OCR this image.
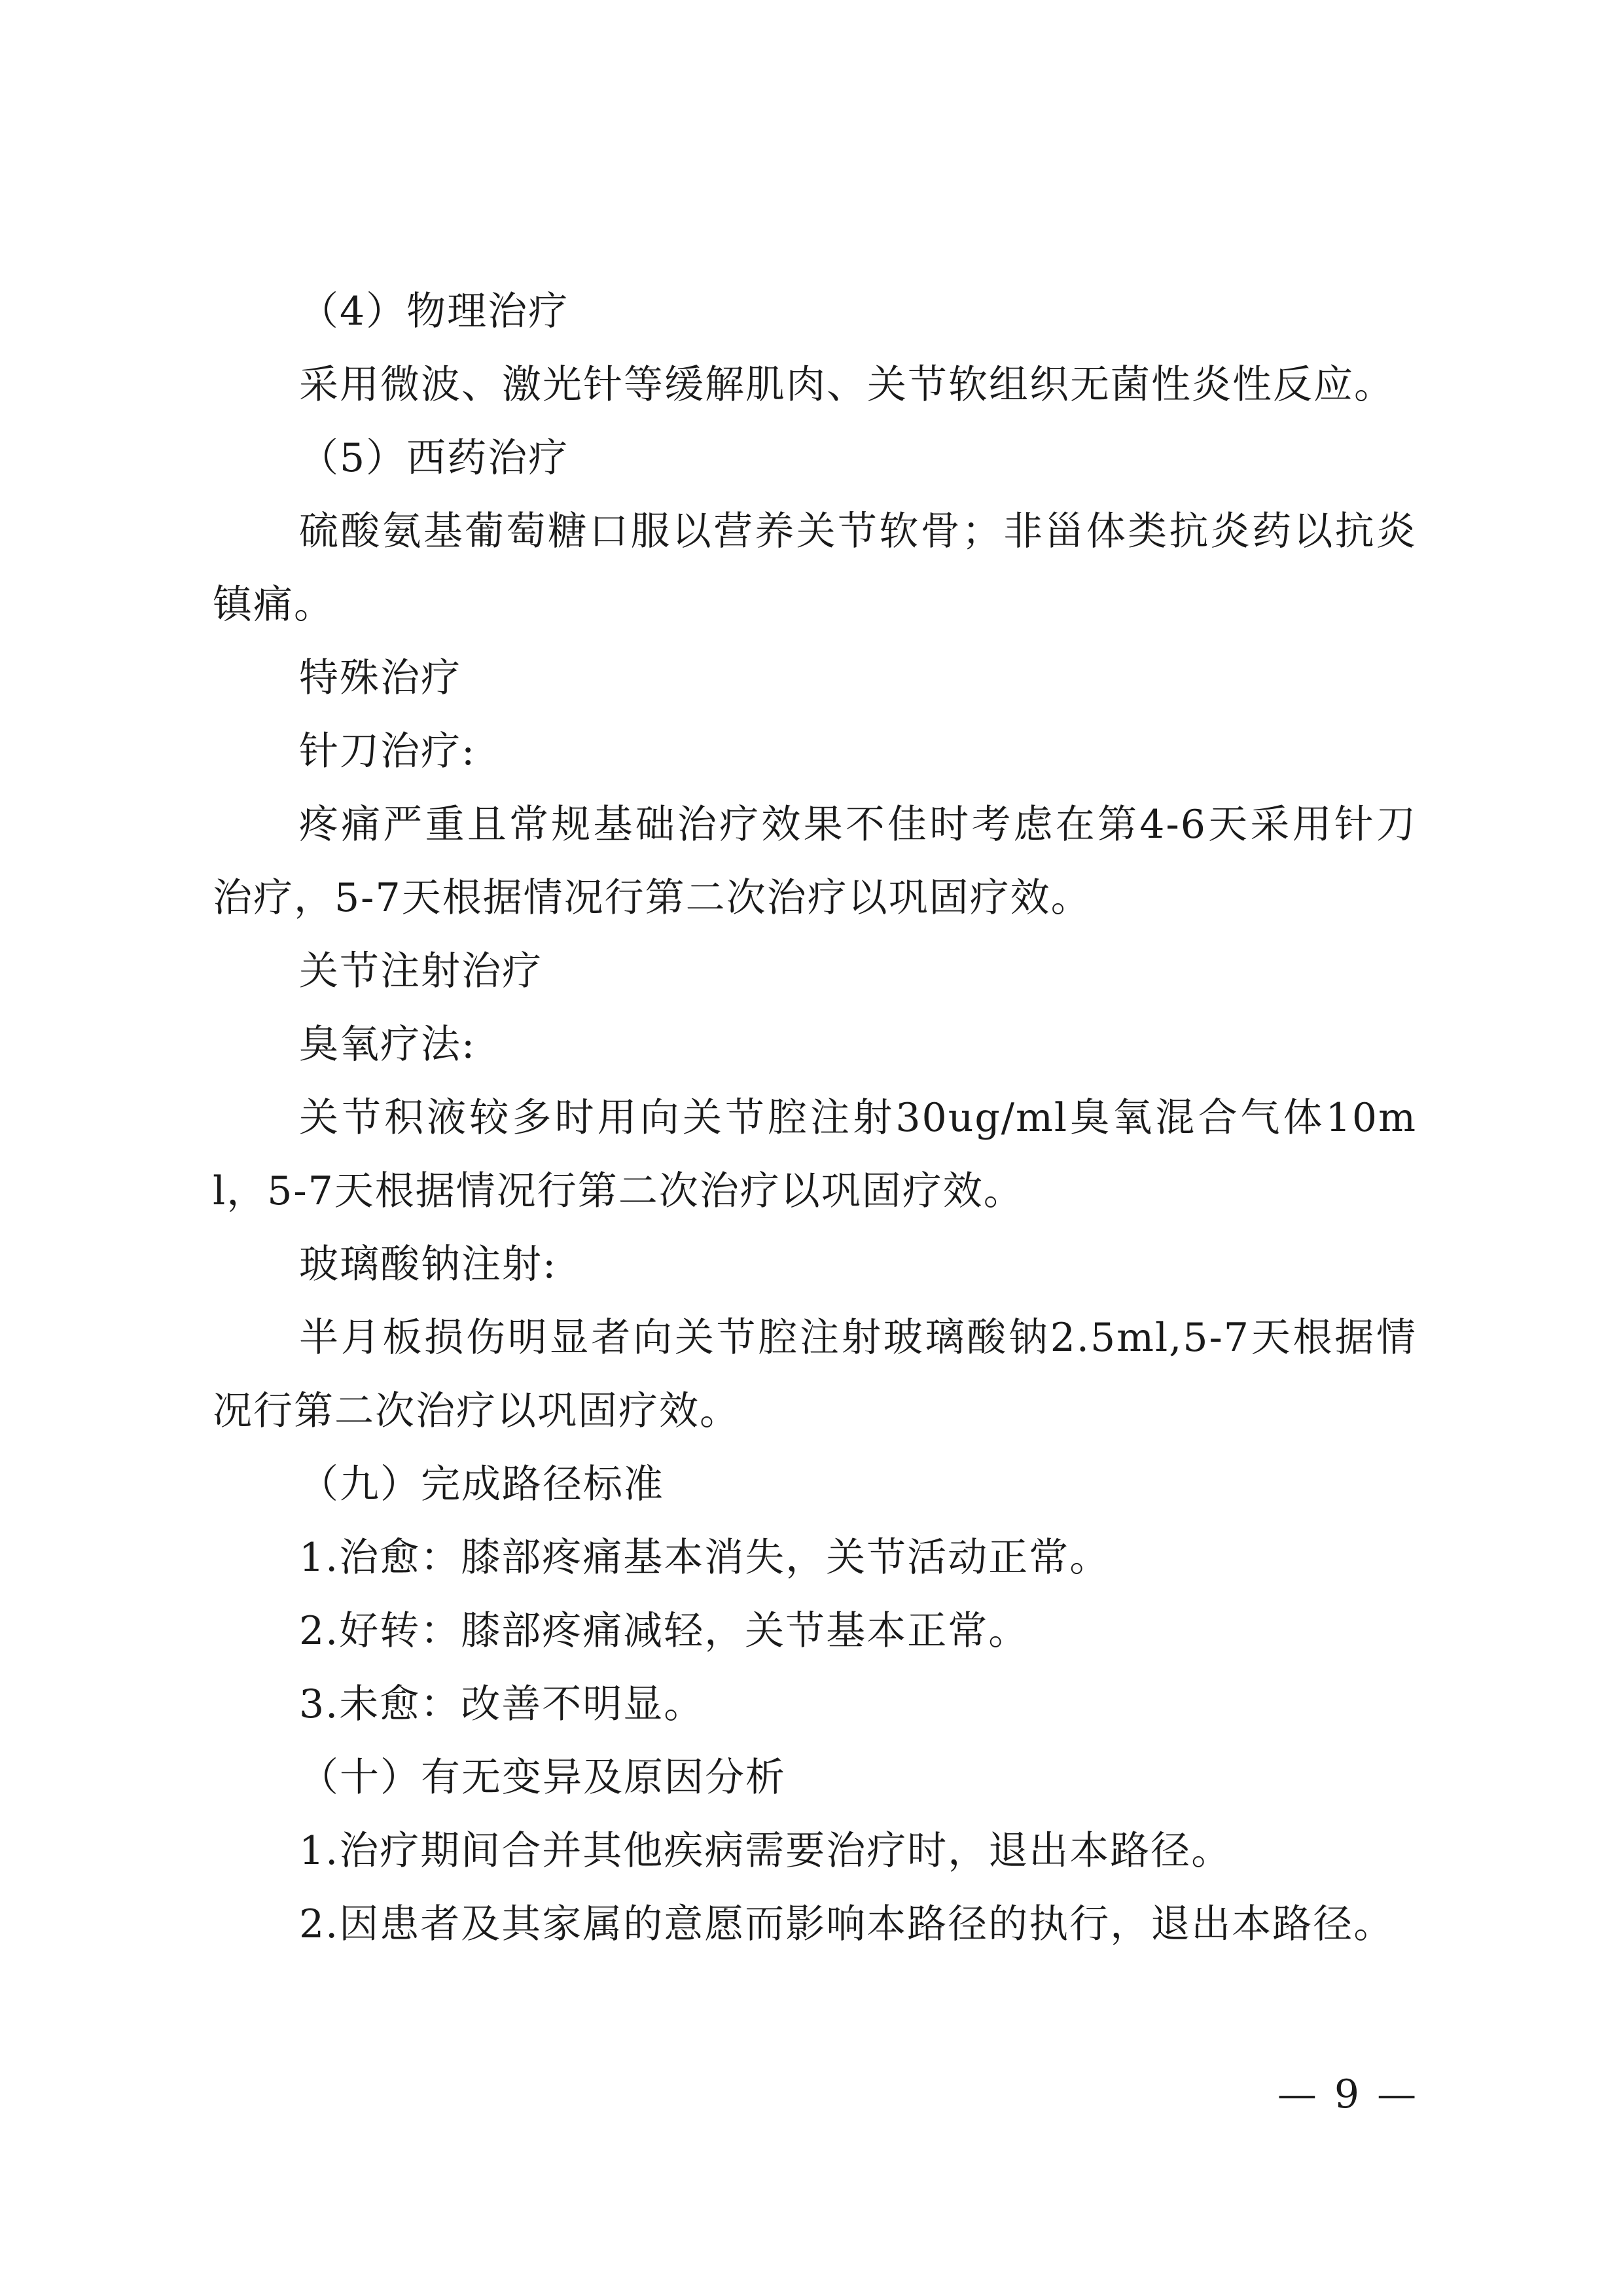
（4）物理治疗

采用微波、激光针等缓解肌肉、关节软组织无菌性炎性反应。

（5）西药治疗

硫酸氨基葡萄糖口服以营养关节软骨；非甾体类抗炎药以抗炎镇痛。

特殊治疗

针刀治疗:

疼痛严重且常规基础治疗效果不佳时考虑在第4-6天采用针刀治疗，5-7天根据情况行第二次治疗以巩固疗效。

关节注射治疗

臭氧疗法:

关节积液较多时用向关节腔注射30ug/ml臭氧混合气体10ml，5-7天根据情况行第二次治疗以巩固疗效。

玻璃酸钠注射:

半月板损伤明显者向关节腔注射玻璃酸钠2.5ml,5-7天根据情况行第二次治疗以巩固疗效。

（九）完成路径标准

1.治愈：膝部疼痛基本消失，关节活动正常。

2.好转：膝部疼痛减轻，关节基本正常。

3.未愈：改善不明显。

（十）有无变异及原因分析

1.治疗期间合并其他疾病需要治疗时，退出本路径。

2.因患者及其家属的意愿而影响本路径的执行，退出本路径。

— 9 —
